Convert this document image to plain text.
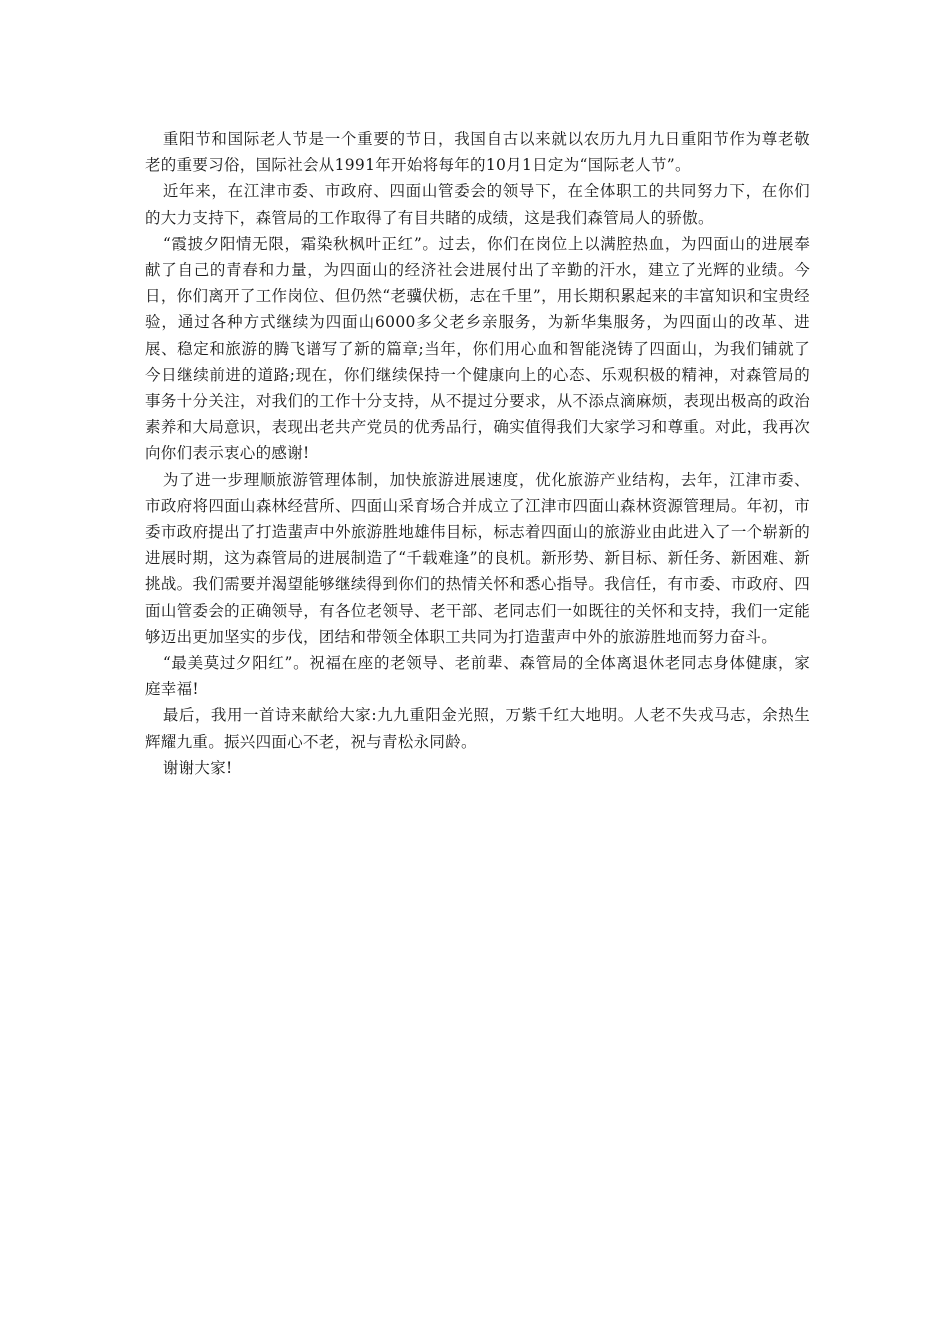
重阳节和国际老人节是一个重要的节日，我国自古以来就以农历九月九日重阳节作为尊老敬老的重要习俗，国际社会从1991年开始将每年的10月1日定为“国际老人节”。

近年来，在江津市委、市政府、四面山管委会的领导下，在全体职工的共同努力下，在你们的大力支持下，森管局的工作取得了有目共睹的成绩，这是我们森管局人的骄傲。

“霞披夕阳情无限，霜染秋枫叶正红”。过去，你们在岗位上以满腔热血，为四面山的进展奉献了自己的青春和力量，为四面山的经济社会进展付出了辛勤的汗水，建立了光辉的业绩。今日，你们离开了工作岗位、但仍然“老骥伏枥，志在千里”，用长期积累起来的丰富知识和宝贵经验，通过各种方式继续为四面山6000多父老乡亲服务，为新华集服务，为四面山的改革、进展、稳定和旅游的腾飞谱写了新的篇章;当年，你们用心血和智能浇铸了四面山，为我们铺就了今日继续前进的道路;现在，你们继续保持一个健康向上的心态、乐观积极的精神，对森管局的事务十分关注，对我们的工作十分支持，从不提过分要求，从不添点滴麻烦，表现出极高的政治素养和大局意识，表现出老共产党员的优秀品行，确实值得我们大家学习和尊重。对此，我再次向你们表示衷心的感谢!

为了进一步理顺旅游管理体制，加快旅游进展速度，优化旅游产业结构，去年，江津市委、市政府将四面山森林经营所、四面山采育场合并成立了江津市四面山森林资源管理局。年初，市委市政府提出了打造蜚声中外旅游胜地雄伟目标，标志着四面山的旅游业由此进入了一个崭新的进展时期，这为森管局的进展制造了“千载难逢”的良机。新形势、新目标、新任务、新困难、新挑战。我们需要并渴望能够继续得到你们的热情关怀和悉心指导。我信任，有市委、市政府、四面山管委会的正确领导，有各位老领导、老干部、老同志们一如既往的关怀和支持，我们一定能够迈出更加坚实的步伐，团结和带领全体职工共同为打造蜚声中外的旅游胜地而努力奋斗。

“最美莫过夕阳红”。祝福在座的老领导、老前辈、森管局的全体离退休老同志身体健康，家庭幸福!

最后，我用一首诗来献给大家:九九重阳金光照，万紫千红大地明。人老不失戎马志，余热生辉耀九重。振兴四面心不老，祝与青松永同龄。

谢谢大家!
